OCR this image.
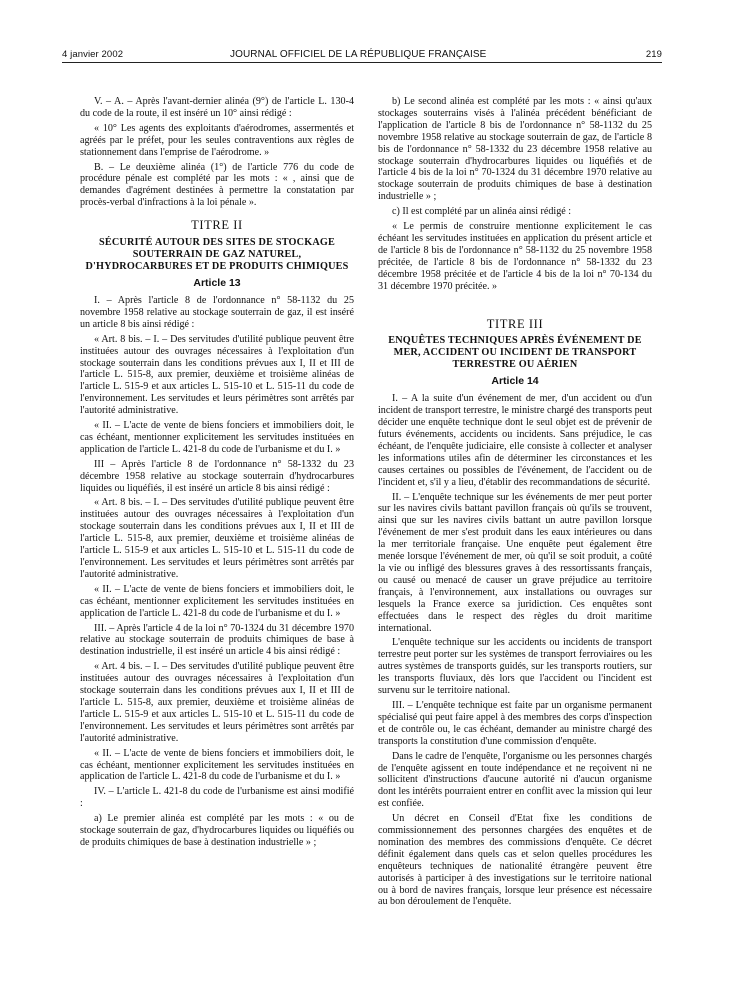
4 janvier 2002	JOURNAL OFFICIEL DE LA RÉPUBLIQUE FRANÇAISE	219

V. – A. – Après l'avant-dernier alinéa (9°) de l'article L. 130-4 du code de la route, il est inséré un 10° ainsi rédigé :

« 10° Les agents des exploitants d'aérodromes, assermentés et agréés par le préfet, pour les seules contraventions aux règles de stationnement dans l'emprise de l'aérodrome. »

B. – Le deuxième alinéa (1°) de l'article 776 du code de procédure pénale est complété par les mots : « , ainsi que de demandes d'agrément destinées à permettre la constatation par procès-verbal d'infractions à la loi pénale ».

TITRE II
SÉCURITÉ AUTOUR DES SITES DE STOCKAGE SOUTERRAIN DE GAZ NATUREL, D'HYDROCARBURES ET DE PRODUITS CHIMIQUES
Article 13

I. – Après l'article 8 de l'ordonnance n° 58-1132 du 25 novembre 1958 relative au stockage souterrain de gaz, il est inséré un article 8 bis ainsi rédigé :

« Art. 8 bis. – I. – Des servitudes d'utilité publique peuvent être instituées autour des ouvrages nécessaires à l'exploitation d'un stockage souterrain dans les conditions prévues aux I, II et III de l'article L. 515-8, aux premier, deuxième et troisième alinéas de l'article L. 515-9 et aux articles L. 515-10 et L. 515-11 du code de l'environnement. Les servitudes et leurs périmètres sont arrêtés par l'autorité administrative.

« II. – L'acte de vente de biens fonciers et immobiliers doit, le cas échéant, mentionner explicitement les servitudes instituées en application de l'article L. 421-8 du code de l'urbanisme et du I. »

III – Après l'article 8 de l'ordonnance n° 58-1332 du 23 décembre 1958 relative au stockage souterrain d'hydrocarbures liquides ou liquéfiés, il est inséré un article 8 bis ainsi rédigé :

« Art. 8 bis. – I. – Des servitudes d'utilité publique peuvent être instituées autour des ouvrages nécessaires à l'exploitation d'un stockage souterrain dans les conditions prévues aux I, II et III de l'article L. 515-8, aux premier, deuxième et troisième alinéas de l'article L. 515-9 et aux articles L. 515-10 et L. 515-11 du code de l'environnement. Les servitudes et leurs périmètres sont arrêtés par l'autorité administrative.

« II. – L'acte de vente de biens fonciers et immobiliers doit, le cas échéant, mentionner explicitement les servitudes instituées en application de l'article L. 421-8 du code de l'urbanisme et du I. »

III. – Après l'article 4 de la loi n° 70-1324 du 31 décembre 1970 relative au stockage souterrain de produits chimiques de base à destination industrielle, il est inséré un article 4 bis ainsi rédigé :

« Art. 4 bis. – I. – Des servitudes d'utilité publique peuvent être instituées autour des ouvrages nécessaires à l'exploitation d'un stockage souterrain dans les conditions prévues aux I, II et III de l'article L. 515-8, aux premier, deuxième et troisième alinéas de l'article L. 515-9 et aux articles L. 515-10 et L. 515-11 du code de l'environnement. Les servitudes et leurs périmètres sont arrêtés par l'autorité administrative.

« II. – L'acte de vente de biens fonciers et immobiliers doit, le cas échéant, mentionner explicitement les servitudes instituées en application de l'article L. 421-8 du code de l'urbanisme et du I. »

IV. – L'article L. 421-8 du code de l'urbanisme est ainsi modifié :

a) Le premier alinéa est complété par les mots : « ou de stockage souterrain de gaz, d'hydrocarbures liquides ou liquéfiés ou de produits chimiques de base à destination industrielle » ;

b) Le second alinéa est complété par les mots : « ainsi qu'aux stockages souterrains visés à l'alinéa précédent bénéficiant de l'application de l'article 8 bis de l'ordonnance n° 58-1132 du 25 novembre 1958 relative au stockage souterrain de gaz, de l'article 8 bis de l'ordonnance n° 58-1332 du 23 décembre 1958 relative au stockage souterrain d'hydrocarbures liquides ou liquéfiés et de l'article 4 bis de la loi n° 70-1324 du 31 décembre 1970 relative au stockage souterrain de produits chimiques de base à destination industrielle » ;

c) Il est complété par un alinéa ainsi rédigé :

« Le permis de construire mentionne explicitement le cas échéant les servitudes instituées en application du présent article et de l'article 8 bis de l'ordonnance n° 58-1132 du 25 novembre 1958 précitée, de l'article 8 bis de l'ordonnance n° 58-1332 du 23 décembre 1958 précitée et de l'article 4 bis de la loi n° 70-134 du 31 décembre 1970 précitée. »

TITRE III
ENQUÊTES TECHNIQUES APRÈS ÉVÉNEMENT DE MER, ACCIDENT OU INCIDENT DE TRANSPORT TERRESTRE OU AÉRIEN
Article 14

I. – A la suite d'un événement de mer, d'un accident ou d'un incident de transport terrestre, le ministre chargé des transports peut décider une enquête technique dont le seul objet est de prévenir de futurs événements, accidents ou incidents. Sans préjudice, le cas échéant, de l'enquête judiciaire, elle consiste à collecter et analyser les informations utiles afin de déterminer les circonstances et les causes certaines ou possibles de l'événement, de l'accident ou de l'incident et, s'il y a lieu, d'établir des recommandations de sécurité.

II. – L'enquête technique sur les événements de mer peut porter sur les navires civils battant pavillon français où qu'ils se trouvent, ainsi que sur les navires civils battant un autre pavillon lorsque l'événement de mer s'est produit dans les eaux intérieures ou dans la mer territoriale française. Une enquête peut également être menée lorsque l'événement de mer, où qu'il se soit produit, a coûté la vie ou infligé des blessures graves à des ressortissants français, ou causé ou menacé de causer un grave préjudice au territoire français, à l'environnement, aux installations ou ouvrages sur lesquels la France exerce sa juridiction. Ces enquêtes sont effectuées dans le respect des règles du droit maritime international.

L'enquête technique sur les accidents ou incidents de transport terrestre peut porter sur les systèmes de transport ferroviaires ou les autres systèmes de transports guidés, sur les transports routiers, sur les transports fluviaux, dès lors que l'accident ou l'incident est survenu sur le territoire national.

III. – L'enquête technique est faite par un organisme permanent spécialisé qui peut faire appel à des membres des corps d'inspection et de contrôle ou, le cas échéant, demander au ministre chargé des transports la constitution d'une commission d'enquête.

Dans le cadre de l'enquête, l'organisme ou les personnes chargés de l'enquête agissent en toute indépendance et ne reçoivent ni ne sollicitent d'instructions d'aucune autorité ni d'aucun organisme dont les intérêts pourraient entrer en conflit avec la mission qui leur est confiée.

Un décret en Conseil d'Etat fixe les conditions de commissionnement des personnes chargées des enquêtes et de nomination des membres des commissions d'enquête. Ce décret définit également dans quels cas et selon quelles procédures les enquêteurs techniques de nationalité étrangère peuvent être autorisés à participer à des investigations sur le territoire national ou à bord de navires français, lorsque leur présence est nécessaire au bon déroulement de l'enquête.
